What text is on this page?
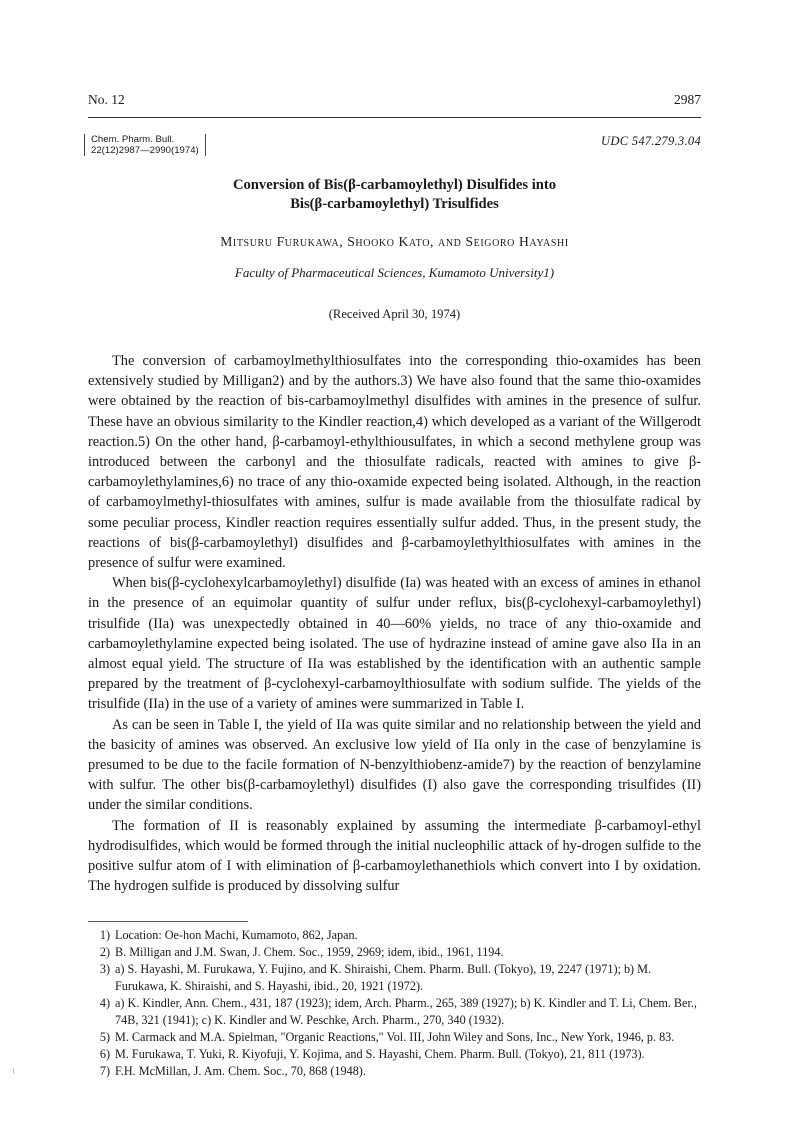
No. 12	2987
Chem. Pharm. Bull.
22(12)2987—2990(1974)
UDC 547.279.3.04
Conversion of Bis(β-carbamoylethyl) Disulfides into
Bis(β-carbamoylethyl) Trisulfides
Mitsuru Furukawa, Shooko Kato, and Seigoro Hayashi
Faculty of Pharmaceutical Sciences, Kumamoto University1)
(Received April 30, 1974)

The conversion of carbamoylmethylthiosulfates into the corresponding thio-oxamides has been extensively studied by Milligan2) and by the authors.3) We have also found that the same thio-oxamides were obtained by the reaction of bis-carbamoylmethyl disulfides with amines in the presence of sulfur. These have an obvious similarity to the Kindler reaction,4) which developed as a variant of the Willgerodt reaction.5) On the other hand, β-carbamoyl-ethylthiousulfates, in which a second methylene group was introduced between the carbonyl and the thiosulfate radicals, reacted with amines to give β-carbamoylethylamines,6) no trace of any thio-oxamide expected being isolated. Although, in the reaction of carbamoylmethyl-thiosulfates with amines, sulfur is made available from the thiosulfate radical by some peculiar process, Kindler reaction requires essentially sulfur added. Thus, in the present study, the reactions of bis(β-carbamoylethyl) disulfides and β-carbamoylethylthiosulfates with amines in the presence of sulfur were examined.

When bis(β-cyclohexylcarbamoylethyl) disulfide (Ia) was heated with an excess of amines in ethanol in the presence of an equimolar quantity of sulfur under reflux, bis(β-cyclohexyl-carbamoylethyl) trisulfide (IIa) was unexpectedly obtained in 40—60% yields, no trace of any thio-oxamide and carbamoylethylamine expected being isolated. The use of hydrazine instead of amine gave also IIa in an almost equal yield. The structure of IIa was established by the identification with an authentic sample prepared by the treatment of β-cyclohexyl-carbamoylthiosulfate with sodium sulfide. The yields of the trisulfide (IIa) in the use of a variety of amines were summarized in Table I.

As can be seen in Table I, the yield of IIa was quite similar and no relationship between the yield and the basicity of amines was observed. An exclusive low yield of IIa only in the case of benzylamine is presumed to be due to the facile formation of N-benzylthiobenz-amide7) by the reaction of benzylamine with sulfur. The other bis(β-carbamoylethyl) disulfides (I) also gave the corresponding trisulfides (II) under the similar conditions.

The formation of II is reasonably explained by assuming the intermediate β-carbamoyl-ethyl hydrodisulfides, which would be formed through the initial nucleophilic attack of hy-drogen sulfide to the positive sulfur atom of I with elimination of β-carbamoylethanethiols which convert into I by oxidation. The hydrogen sulfide is produced by dissolving sulfur

1) Location: Oe-hon Machi, Kumamoto, 862, Japan.
2) B. Milligan and J.M. Swan, J. Chem. Soc., 1959, 2969; idem, ibid., 1961, 1194.
3) a) S. Hayashi, M. Furukawa, Y. Fujino, and K. Shiraishi, Chem. Pharm. Bull. (Tokyo), 19, 2247 (1971); b) M. Furukawa, K. Shiraishi, and S. Hayashi, ibid., 20, 1921 (1972).
4) a) K. Kindler, Ann. Chem., 431, 187 (1923); idem, Arch. Pharm., 265, 389 (1927); b) K. Kindler and T. Li, Chem. Ber., 74B, 321 (1941); c) K. Kindler and W. Peschke, Arch. Pharm., 270, 340 (1932).
5) M. Carmack and M.A. Spielman, "Organic Reactions," Vol. III, John Wiley and Sons, Inc., New York, 1946, p. 83.
6) M. Furukawa, T. Yuki, R. Kiyofuji, Y. Kojima, and S. Hayashi, Chem. Pharm. Bull. (Tokyo), 21, 811 (1973).
7) F.H. McMillan, J. Am. Chem. Soc., 70, 868 (1948).
